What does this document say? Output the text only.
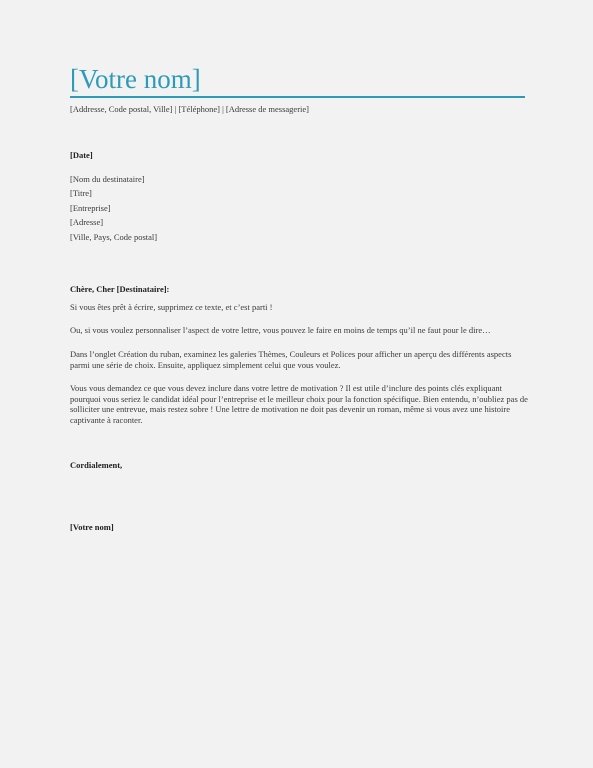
[Votre nom]
[Addresse, Code postal, Ville] | [Téléphone] | [Adresse de messagerie]
[Date]
[Nom du destinataire]
[Titre]
[Entreprise]
[Adresse]
[Ville, Pays, Code postal]
Chère, Cher [Destinataire]:
Si vous êtes prêt à écrire, supprimez ce texte, et c’est parti !
Ou, si vous voulez personnaliser l’aspect de votre lettre, vous pouvez le faire en moins de temps qu’il ne faut pour le dire…
Dans l’onglet Création du ruban, examinez les galeries Thèmes, Couleurs et Polices pour afficher un aperçu des différents aspects parmi une série de choix. Ensuite, appliquez simplement celui que vous voulez.
Vous vous demandez ce que vous devez inclure dans votre lettre de motivation ? Il est utile d’inclure des points clés expliquant pourquoi vous seriez le candidat idéal pour l’entreprise et le meilleur choix pour la fonction spécifique. Bien entendu, n’oubliez pas de solliciter une entrevue, mais restez sobre ! Une lettre de motivation ne doit pas devenir un roman, même si vous avez une histoire captivante à raconter.
Cordialement,
[Votre nom]
